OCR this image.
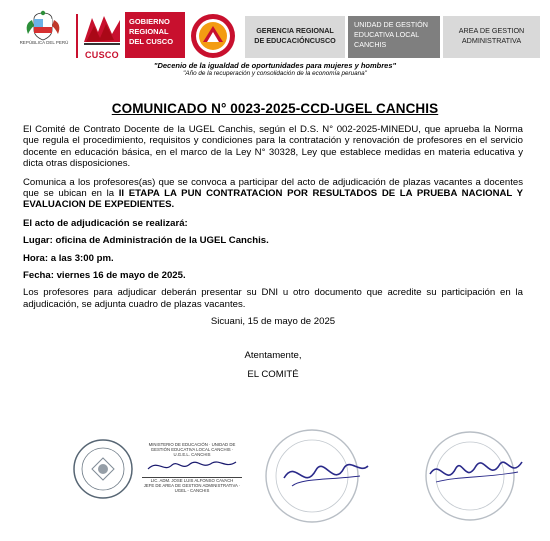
REPÚBLICA DEL PERÚ
CUSCO
GOBIERNO REGIONAL DEL CUSCO
GERENCIA REGIONAL DE EDUCACIÓNCUSCO
UNIDAD DE GESTIÓN EDUCATIVA LOCAL CANCHIS
AREA DE GESTION ADMINISTRATIVA
"Decenio de la igualdad de oportunidades para mujeres y hombres"
"Año de la recuperación y consolidación de la economía peruana"
COMUNICADO N° 0023-2025-CCD-UGEL CANCHIS

El Comité de Contrato Docente de la UGEL Canchis, según el D.S. N° 002-2025-MINEDU, que aprueba la Norma que regula el procedimiento, requisitos y condiciones para la contratación y renovación de profesores en el servicio docente en educación básica, en el marco de la Ley N° 30328, Ley que establece medidas en materia educativa y dicta otras disposiciones.

Comunica a los profesores(as) que se convoca a participar del acto de adjudicación de plazas vacantes a docentes que se ubican en la II ETAPA LA PUN CONTRATACION POR RESULTADOS DE LA PRUEBA NACIONAL Y EVALUACION DE EXPEDIENTES.

El acto de adjudicación se realizará:

Lugar: oficina de Administración de la UGEL Canchis.

Hora: a las 3:00 pm.

Fecha: viernes 16 de mayo de 2025.

Los profesores para adjudicar deberán presentar su DNI u otro documento que acredite su participación en la adjudicación, se adjunta cuadro de plazas vacantes.

Sicuani, 15 de mayo de 2025

Atentamente,

EL COMITÉ

MINISTERIO DE EDUCACIÓN · UNIDAD DE GESTIÓN EDUCATIVA LOCAL CANCHIS · U.G.E.L. CANCHIS
LIC. ADM. JOSE LUIS ALFONSO CAVACH
JEFE DE AREA DE GESTION ADMINISTRATIVA · UGEL - CANCHIS
